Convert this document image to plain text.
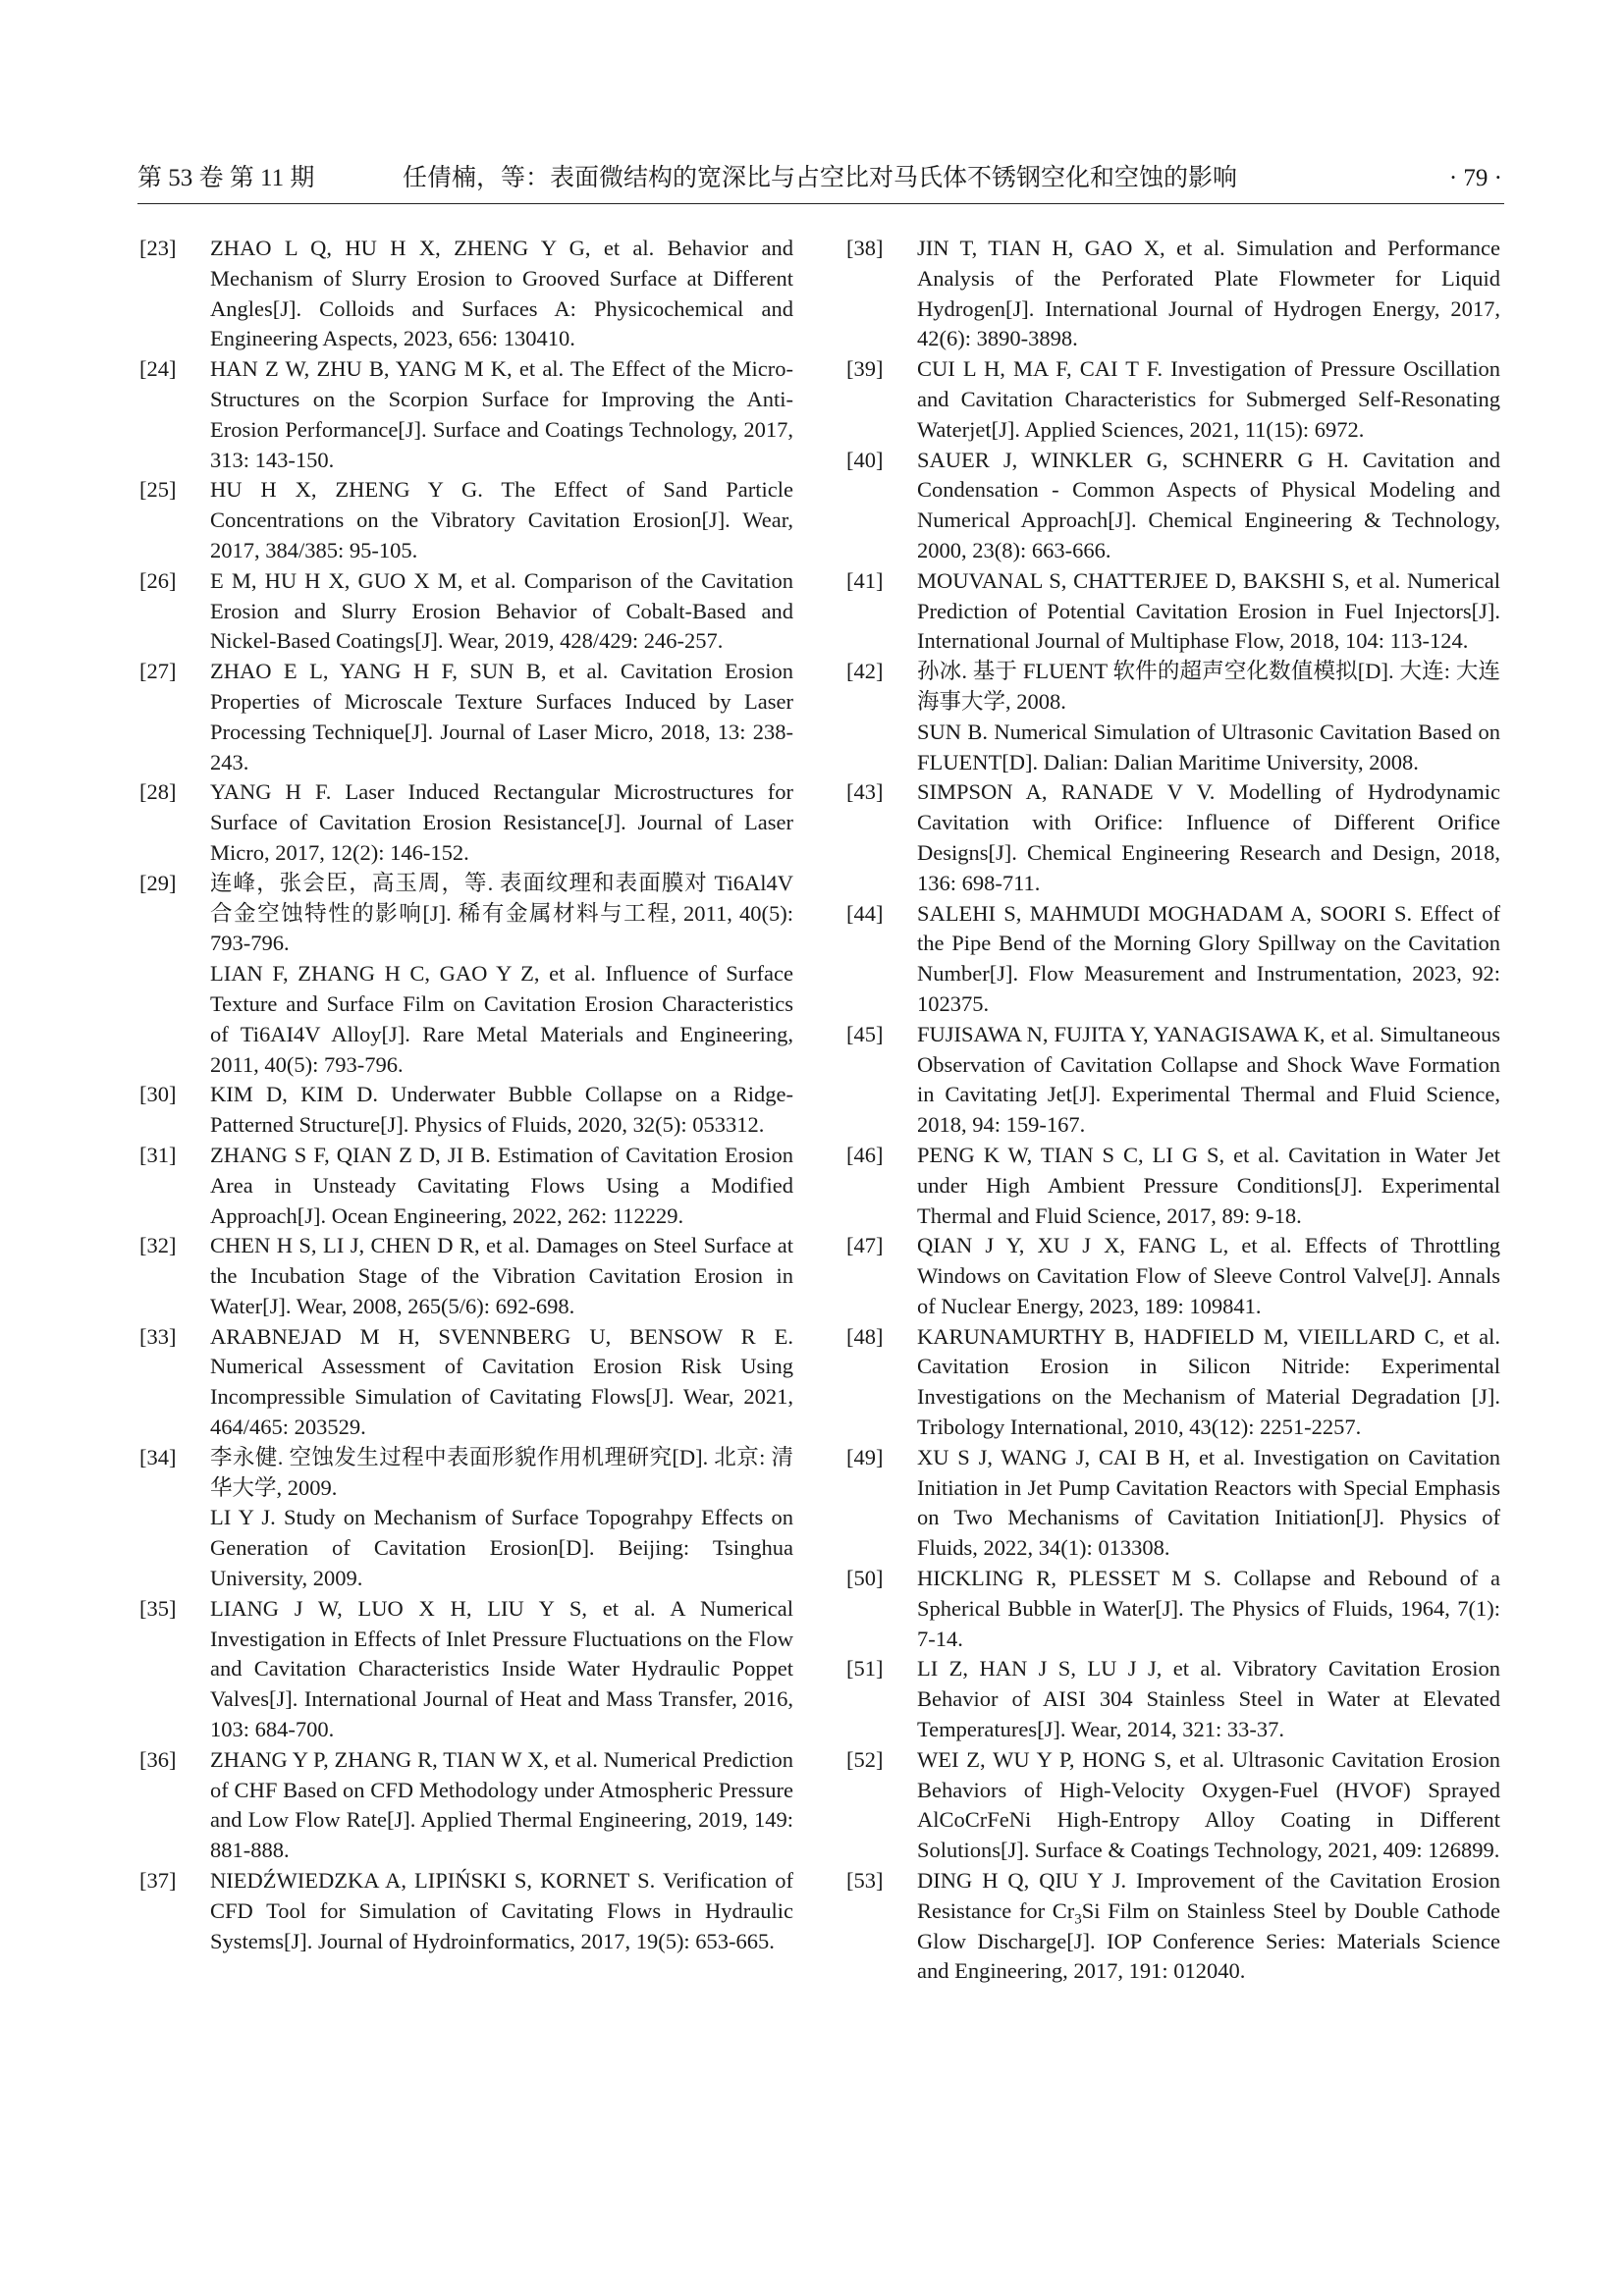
第 53 卷 第 11 期	任倩楠，等：表面微结构的宽深比与占空比对马氏体不锈钢空化和空蚀的影响	· 79 ·
[23]	ZHAO L Q, HU H X, ZHENG Y G, et al. Behavior and Mechanism of Slurry Erosion to Grooved Surface at Different Angles[J]. Colloids and Surfaces A: Physicochemical and Engineering Aspects, 2023, 656: 130410.
[24]	HAN Z W, ZHU B, YANG M K, et al. The Effect of the Micro-Structures on the Scorpion Surface for Improving the Anti-Erosion Performance[J]. Surface and Coatings Technology, 2017, 313: 143-150.
[25]	HU H X, ZHENG Y G. The Effect of Sand Particle Concentrations on the Vibratory Cavitation Erosion[J]. Wear, 2017, 384/385: 95-105.
[26]	E M, HU H X, GUO X M, et al. Comparison of the Cavitation Erosion and Slurry Erosion Behavior of Cobalt-Based and Nickel-Based Coatings[J]. Wear, 2019, 428/429: 246-257.
[27]	ZHAO E L, YANG H F, SUN B, et al. Cavitation Erosion Properties of Microscale Texture Surfaces Induced by Laser Processing Technique[J]. Journal of Laser Micro, 2018, 13: 238-243.
[28]	YANG H F. Laser Induced Rectangular Microstructures for Surface of Cavitation Erosion Resistance[J]. Journal of Laser Micro, 2017, 12(2): 146-152.
[29]	连峰，张会臣，高玉周，等. 表面纹理和表面膜对 Ti6Al4V 合金空蚀特性的影响[J]. 稀有金属材料与工程, 2011, 40(5): 793-796.
LIAN F, ZHANG H C, GAO Y Z, et al. Influence of Surface Texture and Surface Film on Cavitation Erosion Characteristics of Ti6AI4V Alloy[J]. Rare Metal Materials and Engineering, 2011, 40(5): 793-796.
[30]	KIM D, KIM D. Underwater Bubble Collapse on a Ridge-Patterned Structure[J]. Physics of Fluids, 2020, 32(5): 053312.
[31]	ZHANG S F, QIAN Z D, JI B. Estimation of Cavitation Erosion Area in Unsteady Cavitating Flows Using a Modified Approach[J]. Ocean Engineering, 2022, 262: 112229.
[32]	CHEN H S, LI J, CHEN D R, et al. Damages on Steel Surface at the Incubation Stage of the Vibration Cavitation Erosion in Water[J]. Wear, 2008, 265(5/6): 692-698.
[33]	ARABNEJAD M H, SVENNBERG U, BENSOW R E. Numerical Assessment of Cavitation Erosion Risk Using Incompressible Simulation of Cavitating Flows[J]. Wear, 2021, 464/465: 203529.
[34]	李永健. 空蚀发生过程中表面形貌作用机理研究[D]. 北京: 清华大学, 2009.
LI Y J. Study on Mechanism of Surface Topograhpy Effects on Generation of Cavitation Erosion[D]. Beijing: Tsinghua University, 2009.
[35]	LIANG J W, LUO X H, LIU Y S, et al. A Numerical Investigation in Effects of Inlet Pressure Fluctuations on the Flow and Cavitation Characteristics Inside Water Hydraulic Poppet Valves[J]. International Journal of Heat and Mass Transfer, 2016, 103: 684-700.
[36]	ZHANG Y P, ZHANG R, TIAN W X, et al. Numerical Prediction of CHF Based on CFD Methodology under Atmospheric Pressure and Low Flow Rate[J]. Applied Thermal Engineering, 2019, 149: 881-888.
[37]	NIEDŹWIEDZKA A, LIPIŃSKI S, KORNET S. Verification of CFD Tool for Simulation of Cavitating Flows in Hydraulic Systems[J]. Journal of Hydroinformatics, 2017, 19(5): 653-665.
[38]	JIN T, TIAN H, GAO X, et al. Simulation and Performance Analysis of the Perforated Plate Flowmeter for Liquid Hydrogen[J]. International Journal of Hydrogen Energy, 2017, 42(6): 3890-3898.
[39]	CUI L H, MA F, CAI T F. Investigation of Pressure Oscillation and Cavitation Characteristics for Submerged Self-Resonating Waterjet[J]. Applied Sciences, 2021, 11(15): 6972.
[40]	SAUER J, WINKLER G, SCHNERR G H. Cavitation and Condensation - Common Aspects of Physical Modeling and Numerical Approach[J]. Chemical Engineering & Technology, 2000, 23(8): 663-666.
[41]	MOUVANAL S, CHATTERJEE D, BAKSHI S, et al. Numerical Prediction of Potential Cavitation Erosion in Fuel Injectors[J]. International Journal of Multiphase Flow, 2018, 104: 113-124.
[42]	孙冰. 基于 FLUENT 软件的超声空化数值模拟[D]. 大连: 大连海事大学, 2008.
SUN B. Numerical Simulation of Ultrasonic Cavitation Based on FLUENT[D]. Dalian: Dalian Maritime University, 2008.
[43]	SIMPSON A, RANADE V V. Modelling of Hydrodynamic Cavitation with Orifice: Influence of Different Orifice Designs[J]. Chemical Engineering Research and Design, 2018, 136: 698-711.
[44]	SALEHI S, MAHMUDI MOGHADAM A, SOORI S. Effect of the Pipe Bend of the Morning Glory Spillway on the Cavitation Number[J]. Flow Measurement and Instrumentation, 2023, 92: 102375.
[45]	FUJISAWA N, FUJITA Y, YANAGISAWA K, et al. Simultaneous Observation of Cavitation Collapse and Shock Wave Formation in Cavitating Jet[J]. Experimental Thermal and Fluid Science, 2018, 94: 159-167.
[46]	PENG K W, TIAN S C, LI G S, et al. Cavitation in Water Jet under High Ambient Pressure Conditions[J]. Experimental Thermal and Fluid Science, 2017, 89: 9-18.
[47]	QIAN J Y, XU J X, FANG L, et al. Effects of Throttling Windows on Cavitation Flow of Sleeve Control Valve[J]. Annals of Nuclear Energy, 2023, 189: 109841.
[48]	KARUNAMURTHY B, HADFIELD M, VIEILLARD C, et al. Cavitation Erosion in Silicon Nitride: Experimental Investigations on the Mechanism of Material Degradation [J]. Tribology International, 2010, 43(12): 2251-2257.
[49]	XU S J, WANG J, CAI B H, et al. Investigation on Cavitation Initiation in Jet Pump Cavitation Reactors with Special Emphasis on Two Mechanisms of Cavitation Initiation[J]. Physics of Fluids, 2022, 34(1): 013308.
[50]	HICKLING R, PLESSET M S. Collapse and Rebound of a Spherical Bubble in Water[J]. The Physics of Fluids, 1964, 7(1): 7-14.
[51]	LI Z, HAN J S, LU J J, et al. Vibratory Cavitation Erosion Behavior of AISI 304 Stainless Steel in Water at Elevated Temperatures[J]. Wear, 2014, 321: 33-37.
[52]	WEI Z, WU Y P, HONG S, et al. Ultrasonic Cavitation Erosion Behaviors of High-Velocity Oxygen-Fuel (HVOF) Sprayed AlCoCrFeNi High-Entropy Alloy Coating in Different Solutions[J]. Surface & Coatings Technology, 2021, 409: 126899.
[53]	DING H Q, QIU Y J. Improvement of the Cavitation Erosion Resistance for $Cr_3Si$ Film on Stainless Steel by Double Cathode Glow Discharge[J]. IOP Conference Series: Materials Science and Engineering, 2017, 191: 012040.
